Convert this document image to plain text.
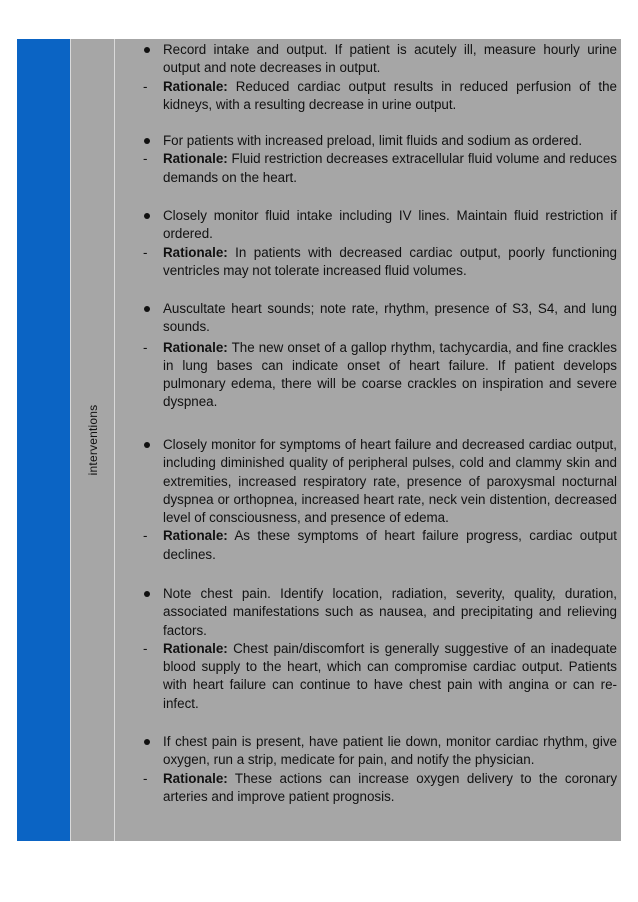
interventions
Record intake and output. If patient is acutely ill, measure hourly urine output and note decreases in output.
-	Rationale: Reduced cardiac output results in reduced perfusion of the kidneys, with a resulting decrease in urine output.
For patients with increased preload, limit fluids and sodium as ordered.
-	Rationale: Fluid restriction decreases extracellular fluid volume and reduces demands on the heart.
Closely monitor fluid intake including IV lines. Maintain fluid restriction if ordered.
-	Rationale: In patients with decreased cardiac output, poorly functioning ventricles may not tolerate increased fluid volumes.
Auscultate heart sounds; note rate, rhythm, presence of S3, S4, and lung sounds.
-	Rationale: The new onset of a gallop rhythm, tachycardia, and fine crackles in lung bases can indicate onset of heart failure. If patient develops pulmonary edema, there will be coarse crackles on inspiration and severe dyspnea.
Closely monitor for symptoms of heart failure and decreased cardiac output, including diminished quality of peripheral pulses, cold and clammy skin and extremities, increased respiratory rate, presence of paroxysmal nocturnal dyspnea or orthopnea, increased heart rate, neck vein distention, decreased level of consciousness, and presence of edema.
-	Rationale: As these symptoms of heart failure progress, cardiac output declines.
Note chest pain. Identify location, radiation, severity, quality, duration, associated manifestations such as nausea, and precipitating and relieving factors.
-	Rationale: Chest pain/discomfort is generally suggestive of an inadequate blood supply to the heart, which can compromise cardiac output. Patients with heart failure can continue to have chest pain with angina or can re-infect.
If chest pain is present, have patient lie down, monitor cardiac rhythm, give oxygen, run a strip, medicate for pain, and notify the physician.
-	Rationale: These actions can increase oxygen delivery to the coronary arteries and improve patient prognosis.
